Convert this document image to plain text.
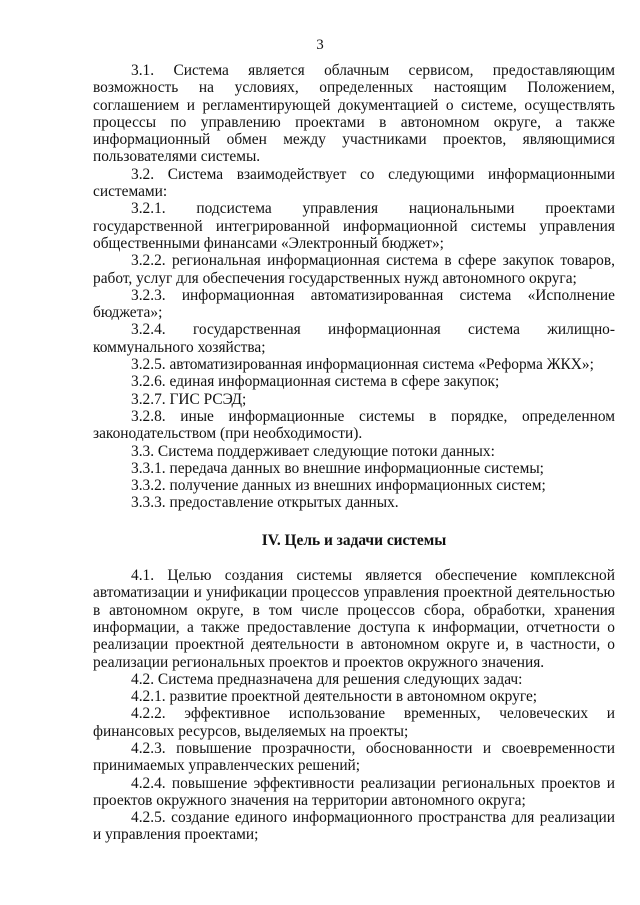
3

3.1. Система является облачным сервисом, предоставляющим возможность на условиях, определенных настоящим Положением, соглашением и регламентирующей документацией о системе, осуществлять процессы по управлению проектами в автономном округе, а также информационный обмен между участниками проектов, являющимися пользователями системы.

3.2. Система взаимодействует со следующими информационными системами:

3.2.1. подсистема управления национальными проектами государственной интегрированной информационной системы управления общественными финансами «Электронный бюджет»;

3.2.2. региональная информационная система в сфере закупок товаров, работ, услуг для обеспечения государственных нужд автономного округа;

3.2.3. информационная автоматизированная система «Исполнение бюджета»;

3.2.4. государственная информационная система жилищно-коммунального хозяйства;

3.2.5. автоматизированная информационная система «Реформа ЖКХ»;

3.2.6. единая информационная система в сфере закупок;

3.2.7. ГИС РСЭД;

3.2.8. иные информационные системы в порядке, определенном законодательством (при необходимости).

3.3. Система поддерживает следующие потоки данных:

3.3.1. передача данных во внешние информационные системы;

3.3.2. получение данных из внешних информационных систем;

3.3.3. предоставление открытых данных.

IV. Цель и задачи системы

4.1. Целью создания системы является обеспечение комплексной автоматизации и унификации процессов управления проектной деятельностью в автономном округе, в том числе процессов сбора, обработки, хранения информации, а также предоставление доступа к информации, отчетности о реализации проектной деятельности в автономном округе и, в частности, о реализации региональных проектов и проектов окружного значения.

4.2. Система предназначена для решения следующих задач:

4.2.1. развитие проектной деятельности в автономном округе;

4.2.2. эффективное использование временных, человеческих и финансовых ресурсов, выделяемых на проекты;

4.2.3. повышение прозрачности, обоснованности и своевременности принимаемых управленческих решений;

4.2.4. повышение эффективности реализации региональных проектов и проектов окружного значения на территории автономного округа;

4.2.5. создание единого информационного пространства для реализации и управления проектами;
